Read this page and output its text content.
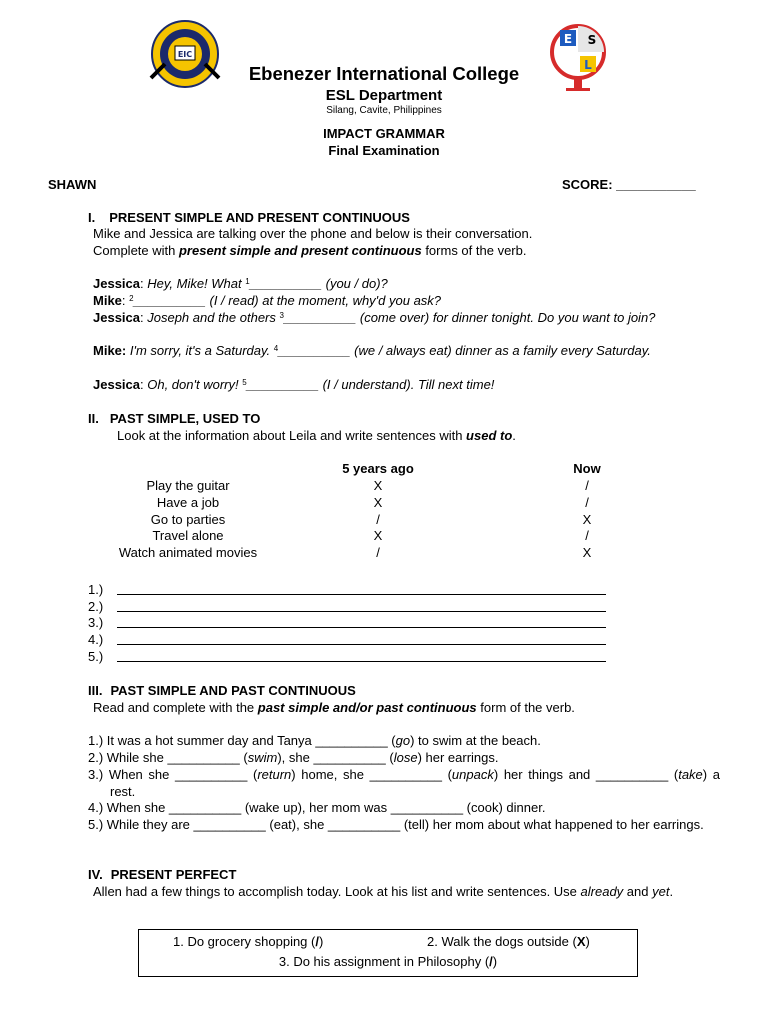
EIC
E S
L
Ebenezer International College
ESL Department
Silang, Cavite, Philippines
IMPACT GRAMMAR
Final Examination
SHAWN	SCORE: ___________
I. PRESENT SIMPLE AND PRESENT CONTINUOUS
Mike and Jessica are talking over the phone and below is their conversation.
Complete with present simple and present continuous forms of the verb.
Jessica: Hey, Mike! What $^1$__________ (you / do)?
Mike: $^2$__________ (I / read) at the moment, why'd you ask?
Jessica: Joseph and the others $^3$__________ (come over) for dinner tonight. Do you want to join?
Mike: I'm sorry, it's a Saturday. $^4$__________ (we / always eat) dinner as a family every Saturday.
Jessica: Oh, don't worry! $^5$__________ (I / understand). Till next time!
II. PAST SIMPLE, USED TO
Look at the information about Leila and write sentences with used to.
5 years ago	Now
Play the guitar	X	/
Have a job	X	/
Go to parties	/	X
Travel alone	X	/
Watch animated movies	/	X
1.)
2.)
3.)
4.)
5.)
III. PAST SIMPLE AND PAST CONTINUOUS
Read and complete with the past simple and/or past continuous form of the verb.
1.) It was a hot summer day and Tanya __________ (go) to swim at the beach.
2.) While she __________ (swim), she __________ (lose) her earrings.
3.) When she __________ (return) home, she __________ (unpack) her things and __________ (take) a rest.
4.) When she __________ (wake up), her mom was __________ (cook) dinner.
5.) While they are __________ (eat), she __________ (tell) her mom about what happened to her earrings.
IV. PRESENT PERFECT
Allen had a few things to accomplish today. Look at his list and write sentences. Use already and yet.
1. Do grocery shopping (/)	2. Walk the dogs outside (X)
3. Do his assignment in Philosophy (/)
